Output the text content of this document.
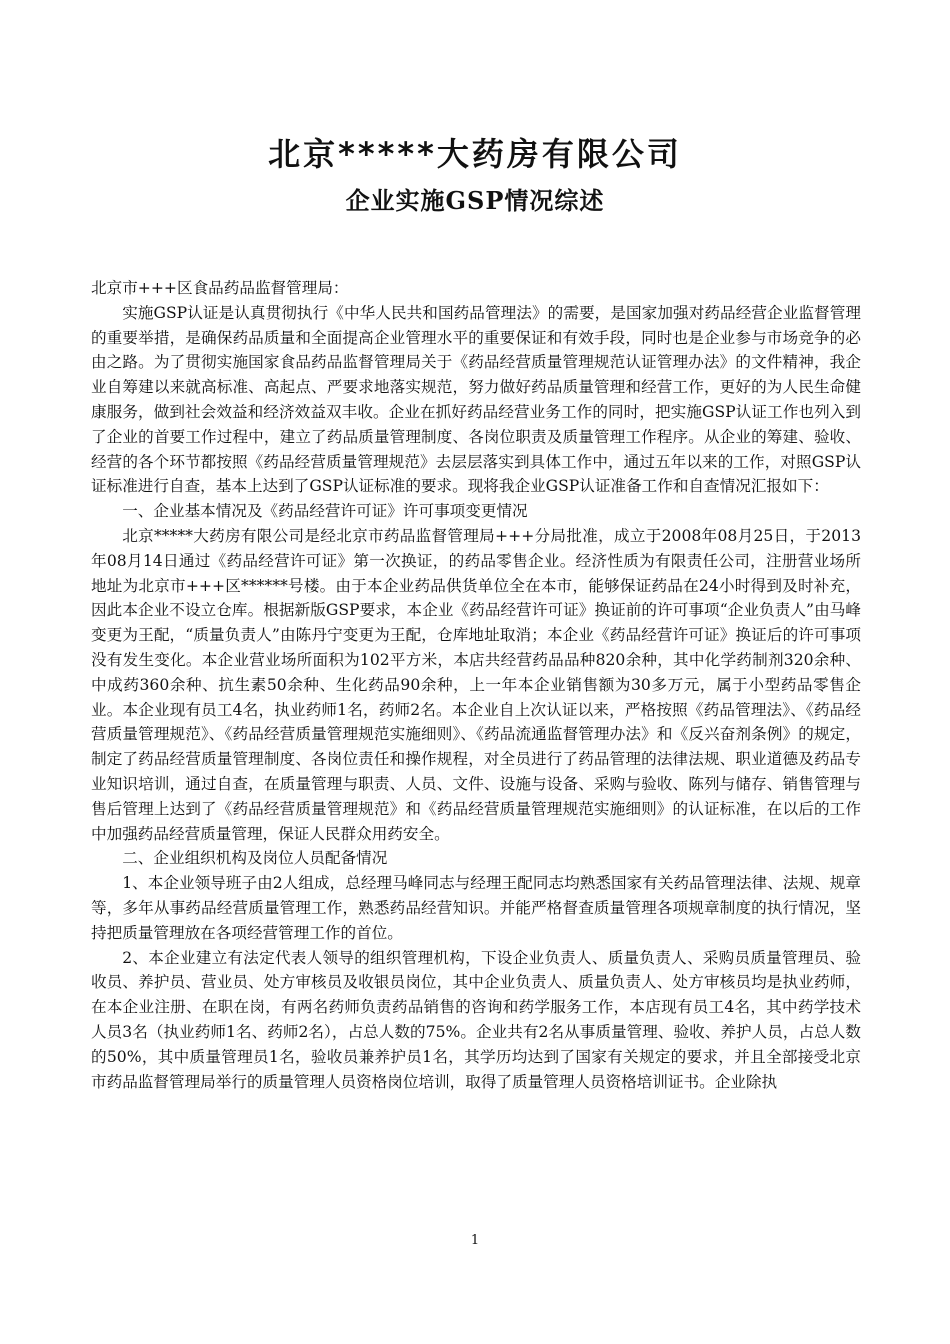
北京*****大药房有限公司
企业实施GSP情况综述

北京市+++区食品药品监督管理局：

实施GSP认证是认真贯彻执行《中华人民共和国药品管理法》的需要，是国家加强对药品经营企业监督管理的重要举措，是确保药品质量和全面提高企业管理水平的重要保证和有效手段，同时也是企业参与市场竞争的必由之路。为了贯彻实施国家食品药品监督管理局关于《药品经营质量管理规范认证管理办法》的文件精神，我企业自筹建以来就高标准、高起点、严要求地落实规范，努力做好药品质量管理和经营工作，更好的为人民生命健康服务，做到社会效益和经济效益双丰收。企业在抓好药品经营业务工作的同时，把实施GSP认证工作也列入到了企业的首要工作过程中，建立了药品质量管理制度、各岗位职责及质量管理工作程序。从企业的筹建、验收、经营的各个环节都按照《药品经营质量管理规范》去层层落实到具体工作中，通过五年以来的工作，对照GSP认证标准进行自查，基本上达到了GSP认证标准的要求。现将我企业GSP认证准备工作和自查情况汇报如下：

一、企业基本情况及《药品经营许可证》许可事项变更情况

北京*****大药房有限公司是经北京市药品监督管理局+++分局批准，成立于2008年08月25日，于2013年08月14日通过《药品经营许可证》第一次换证，的药品零售企业。经济性质为有限责任公司，注册营业场所地址为北京市+++区******号楼。由于本企业药品供货单位全在本市，能够保证药品在24小时得到及时补充，因此本企业不设立仓库。根据新版GSP要求，本企业《药品经营许可证》换证前的许可事项“企业负责人”由马峰变更为王配，“质量负责人”由陈丹宁变更为王配，仓库地址取消；本企业《药品经营许可证》换证后的许可事项没有发生变化。本企业营业场所面积为102平方米，本店共经营药品品种820余种，其中化学药制剂320余种、中成药360余种、抗生素50余种、生化药品90余种，上一年本企业销售额为30多万元，属于小型药品零售企业。本企业现有员工4名，执业药师1名，药师2名。本企业自上次认证以来，严格按照《药品管理法》、《药品经营质量管理规范》、《药品经营质量管理规范实施细则》、《药品流通监督管理办法》和《反兴奋剂条例》的规定，制定了药品经营质量管理制度、各岗位责任和操作规程，对全员进行了药品管理的法律法规、职业道德及药品专业知识培训，通过自查，在质量管理与职责、人员、文件、设施与设备、采购与验收、陈列与储存、销售管理与售后管理上达到了《药品经营质量管理规范》和《药品经营质量管理规范实施细则》的认证标准，在以后的工作中加强药品经营质量管理，保证人民群众用药安全。

二、企业组织机构及岗位人员配备情况

1、本企业领导班子由2人组成，总经理马峰同志与经理王配同志均熟悉国家有关药品管理法律、法规、规章等，多年从事药品经营质量管理工作，熟悉药品经营知识。并能严格督查质量管理各项规章制度的执行情况，坚持把质量管理放在各项经营管理工作的首位。

2、本企业建立有法定代表人领导的组织管理机构，下设企业负责人、质量负责人、采购员质量管理员、验收员、养护员、营业员、处方审核员及收银员岗位，其中企业负责人、质量负责人、处方审核员均是执业药师，在本企业注册、在职在岗，有两名药师负责药品销售的咨询和药学服务工作，本店现有员工4名，其中药学技术人员3名（执业药师1名、药师2名），占总人数的75%。企业共有2名从事质量管理、验收、养护人员，占总人数的50%，其中质量管理员1名，验收员兼养护员1名，其学历均达到了国家有关规定的要求，并且全部接受北京市药品监督管理局举行的质量管理人员资格岗位培训，取得了质量管理人员资格培训证书。企业除执

1
